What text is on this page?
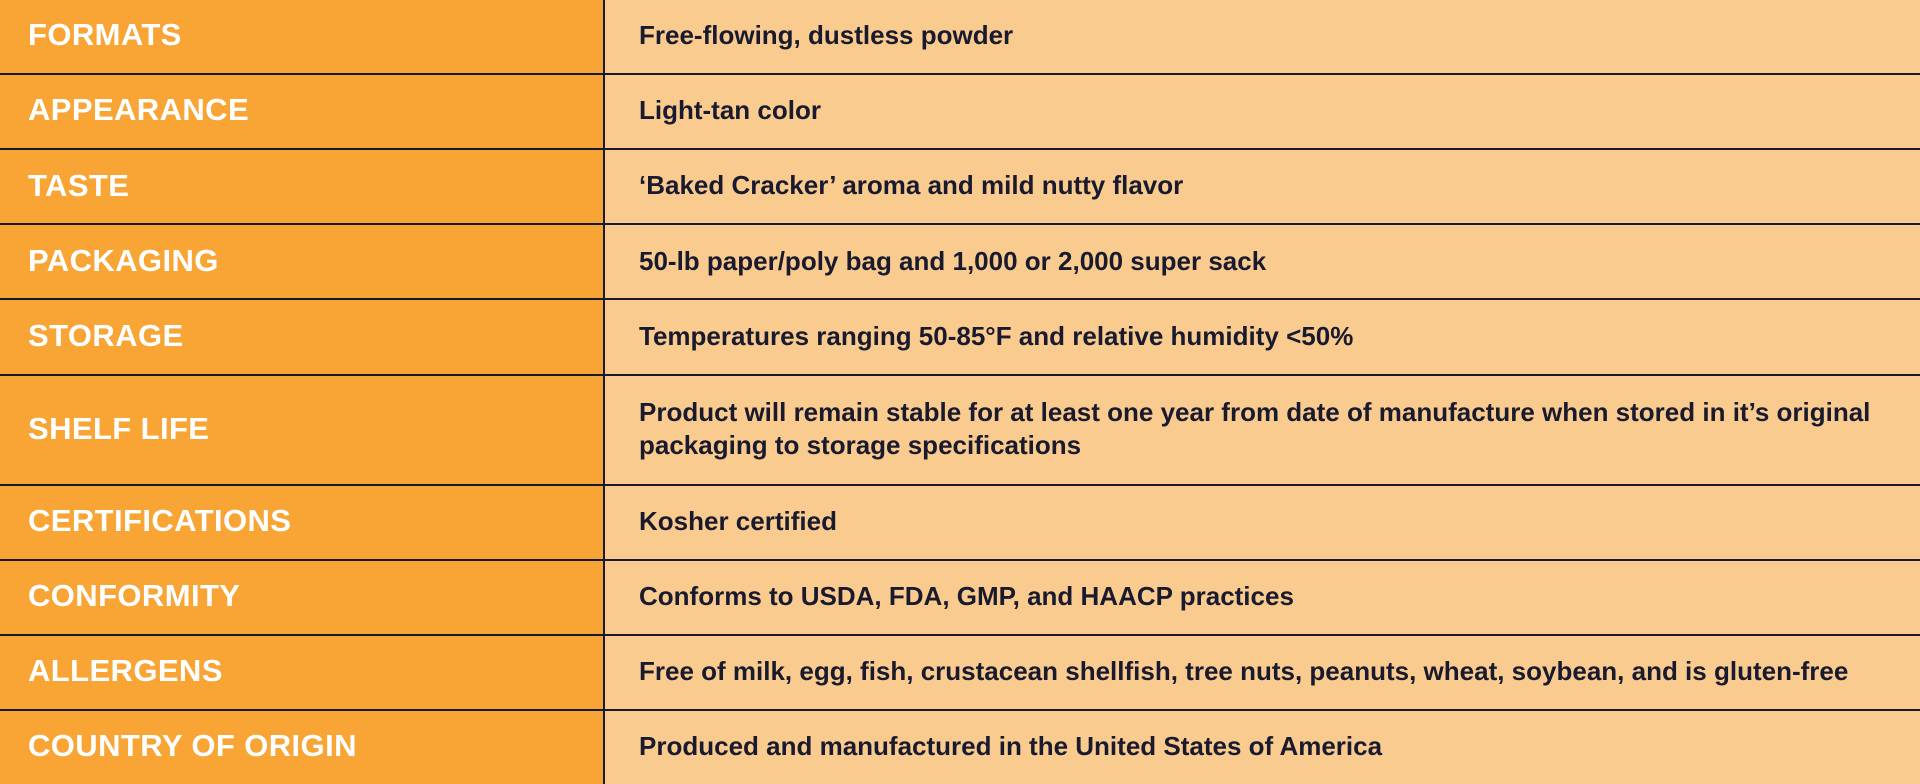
FORMATS	Free-flowing, dustless powder
APPEARANCE	Light-tan color
TASTE	‘Baked Cracker’ aroma and mild nutty flavor
PACKAGING	50-lb paper/poly bag and 1,000 or 2,000 super sack
STORAGE	Temperatures ranging 50-85°F and relative humidity <50%
SHELF LIFE	Product will remain stable for at least one year from date of manufacture when stored in it’s original packaging to storage specifications
CERTIFICATIONS	Kosher certified
CONFORMITY	Conforms to USDA, FDA, GMP, and HAACP practices
ALLERGENS	Free of milk, egg, fish, crustacean shellfish, tree nuts, peanuts, wheat, soybean, and is gluten-free
COUNTRY OF ORIGIN	Produced and manufactured in the United States of America
